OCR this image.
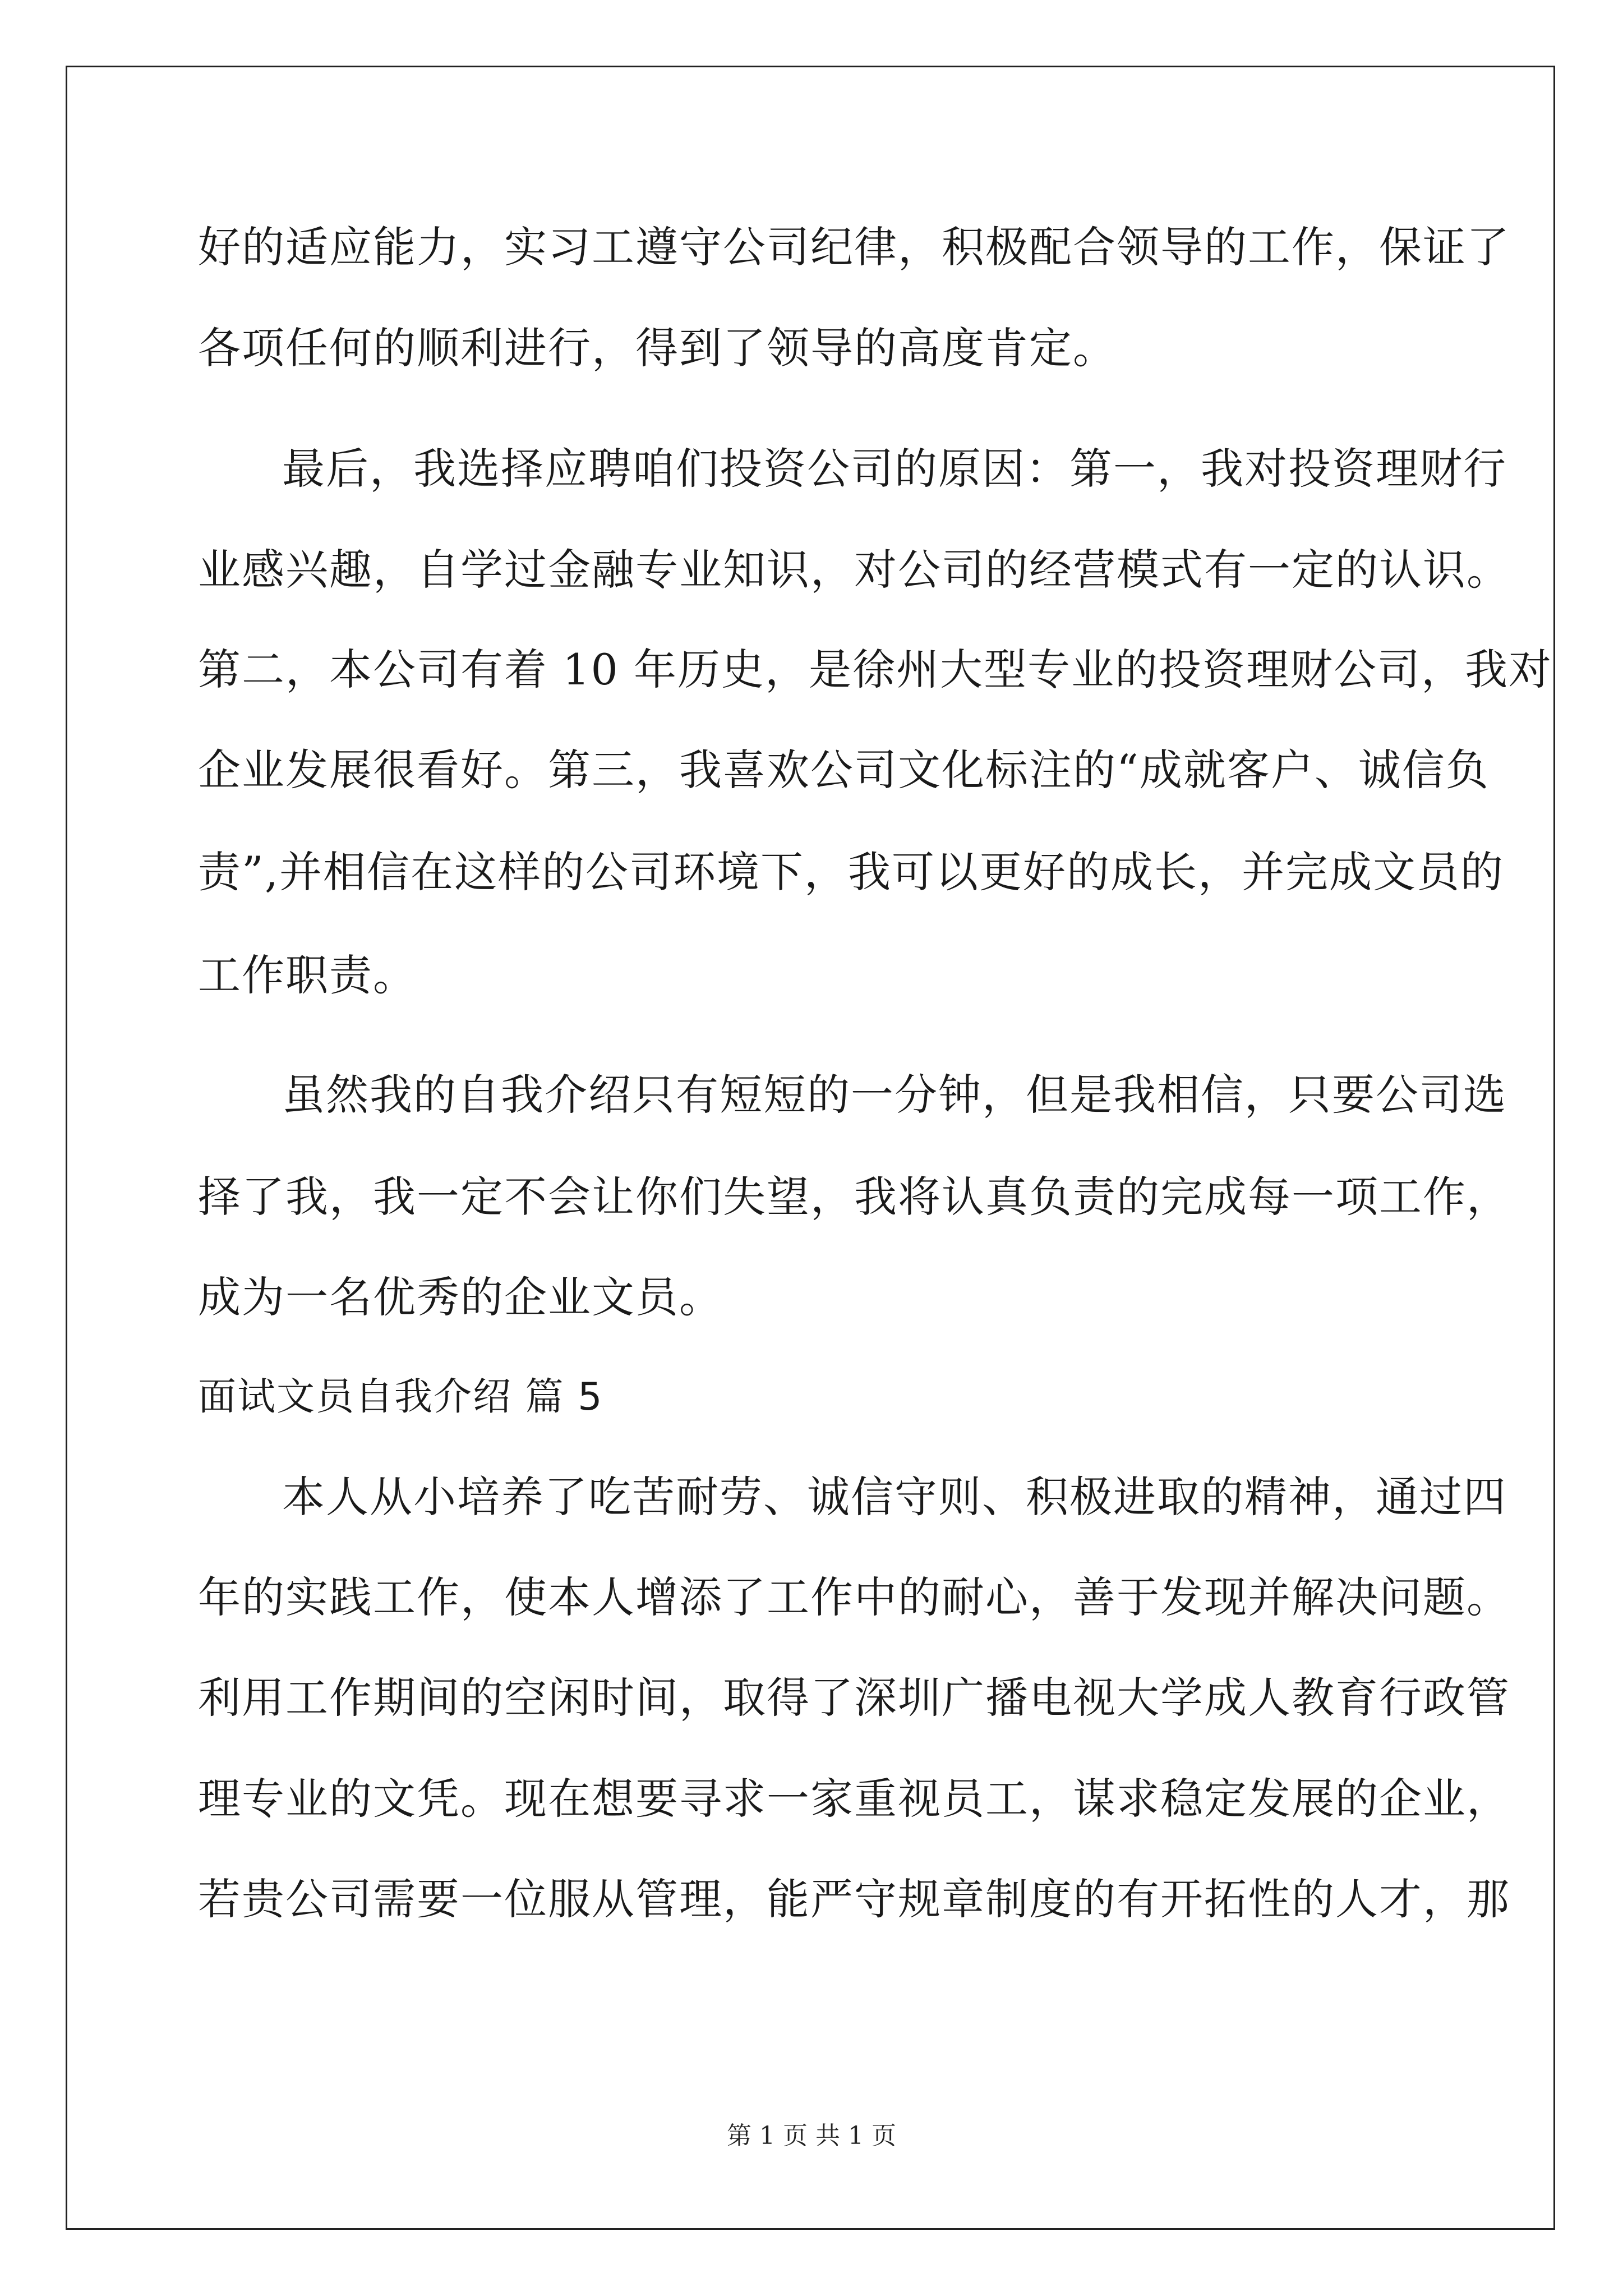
好的适应能力，实习工遵守公司纪律，积极配合领导的工作，保证了
各项任何的顺利进行，得到了领导的高度肯定。
最后，我选择应聘咱们投资公司的原因：第一，我对投资理财行
业感兴趣，自学过金融专业知识，对公司的经营模式有一定的认识。
第二，本公司有着 10 年历史，是徐州大型专业的投资理财公司，我对
企业发展很看好。第三，我喜欢公司文化标注的“成就客户、诚信负
责”,并相信在这样的公司环境下，我可以更好的成长，并完成文员的
工作职责。
虽然我的自我介绍只有短短的一分钟，但是我相信，只要公司选
择了我，我一定不会让你们失望，我将认真负责的完成每一项工作，
成为一名优秀的企业文员。
面试文员自我介绍 篇 5
本人从小培养了吃苦耐劳、诚信守则、积极进取的精神，通过四
年的实践工作，使本人增添了工作中的耐心，善于发现并解决问题。
利用工作期间的空闲时间，取得了深圳广播电视大学成人教育行政管
理专业的文凭。现在想要寻求一家重视员工，谋求稳定发展的企业，
若贵公司需要一位服从管理，能严守规章制度的有开拓性的人才，那
第 1 页 共 1 页
